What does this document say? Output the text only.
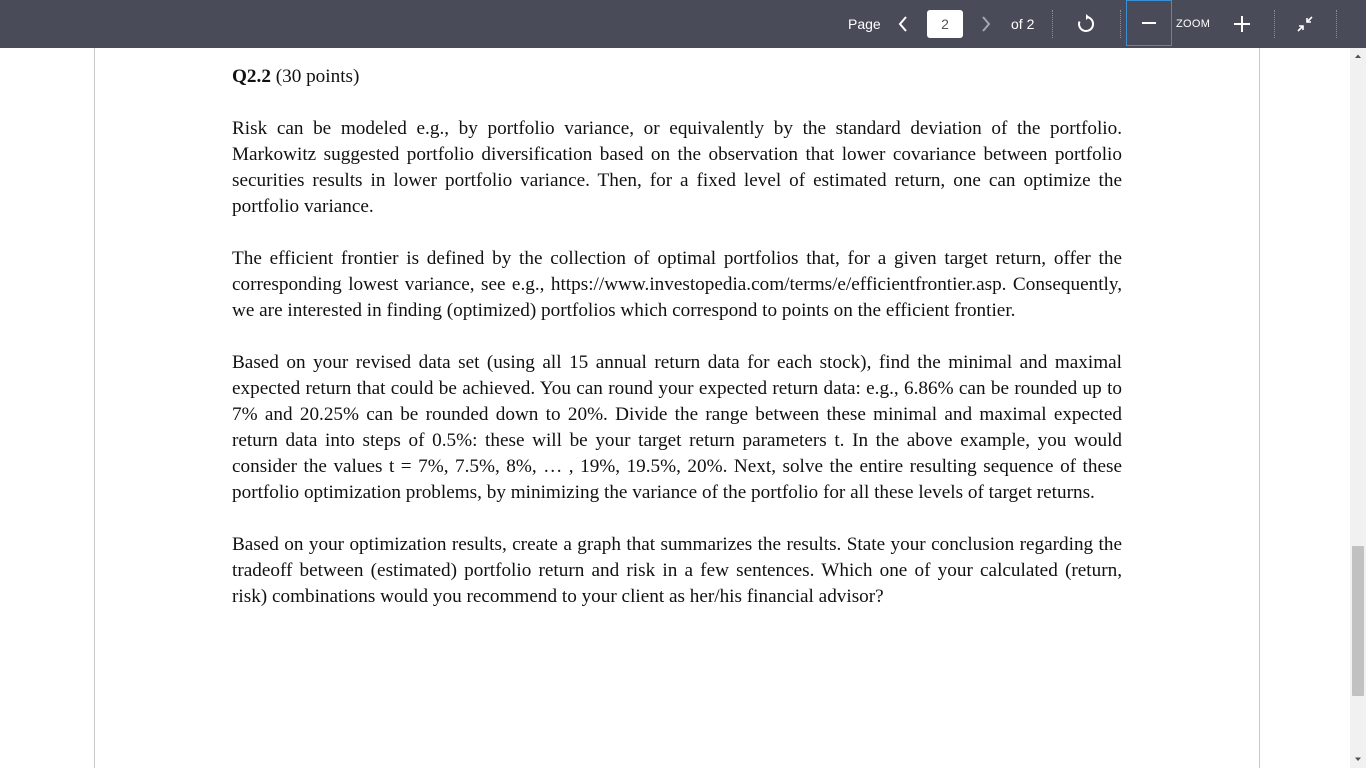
Page
2	of 2	ZOOM

Q2.2 (30 points)

Risk can be modeled e.g., by portfolio variance, or equivalently by the standard deviation of the portfolio. Markowitz suggested portfolio diversification based on the observation that lower covariance between portfolio securities results in lower portfolio variance. Then, for a fixed level of estimated return, one can optimize the portfolio variance.

The efficient frontier is defined by the collection of optimal portfolios that, for a given target return, offer the corresponding lowest variance, see e.g., https://www.investopedia.com/terms/e/efficientfrontier.asp. Consequently, we are interested in finding (optimized) portfolios which correspond to points on the efficient frontier.

Based on your revised data set (using all 15 annual return data for each stock), find the minimal and maximal expected return that could be achieved. You can round your expected return data: e.g., 6.86% can be rounded up to 7% and 20.25% can be rounded down to 20%. Divide the range between these minimal and maximal expected return data into steps of 0.5%: these will be your target return parameters t. In the above example, you would consider the values t = 7%, 7.5%, 8%, … , 19%, 19.5%, 20%. Next, solve the entire resulting sequence of these portfolio optimization problems, by minimizing the variance of the portfolio for all these levels of target returns.

Based on your optimization results, create a graph that summarizes the results. State your conclusion regarding the tradeoff between (estimated) portfolio return and risk in a few sentences. Which one of your calculated (return, risk) combinations would you recommend to your client as her/his financial advisor?
